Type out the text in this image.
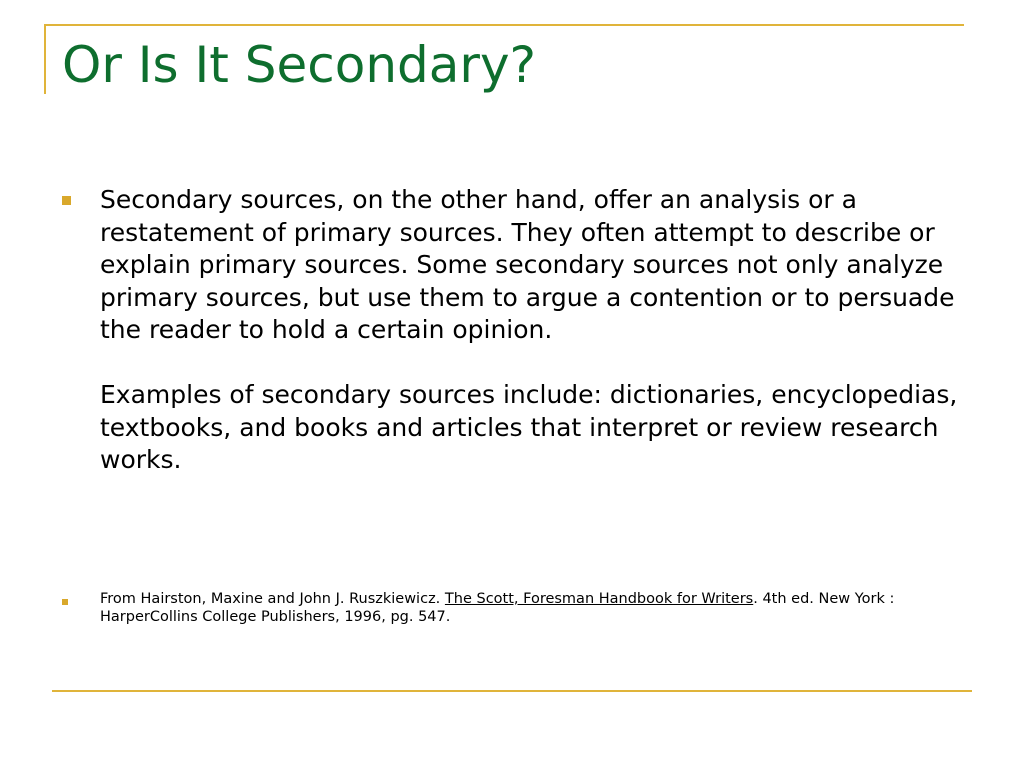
Or Is It Secondary?

Secondary sources, on the other hand, offer an analysis or a restatement of primary sources. They often attempt to describe or explain primary sources. Some secondary sources not only analyze primary sources, but use them to argue a contention or to persuade the reader to hold a certain opinion.

Examples of secondary sources include: dictionaries, encyclopedias, textbooks, and books and articles that interpret or review research works.

From Hairston, Maxine and John J. Ruszkiewicz. The Scott, Foresman Handbook for Writers. 4th ed. New York : HarperCollins College Publishers, 1996, pg. 547.
